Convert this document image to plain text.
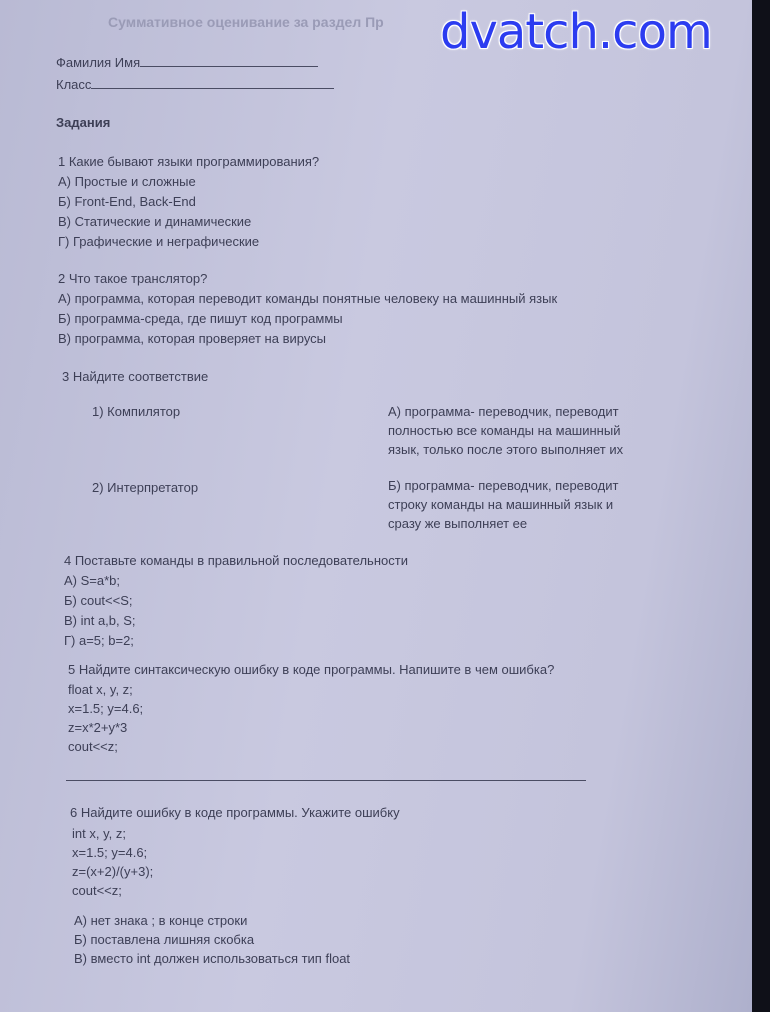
Суммативное оценивание за раздел Пр
Фамилия Имя
Класс
Задания
1 Какие бывают языки программирования?
А) Простые и сложные
Б) Front-End, Back-End
В) Статические и динамические
Г) Графические и неграфические
2 Что такое транслятор?
А) программа, которая переводит команды понятные человеку на машинный язык
Б) программа-среда, где пишут код программы
В) программа, которая проверяет на вирусы
3 Найдите соответствие
1) Компилятор	А) программа- переводчик, переводит
полностью все команды на машинный
язык, только после этого выполняет их
2) Интерпретатор	Б) программа- переводчик, переводит
строку команды на машинный язык и
сразу же выполняет ее
4 Поставьте команды в правильной последовательности
А) S=a*b;
Б) cout<<S;
В) int a,b, S;
Г) a=5; b=2;
5 Найдите синтаксическую ошибку в коде программы. Напишите в чем ошибка?
float x, y, z;
x=1.5; y=4.6;
z=x*2+y*3
cout<<z;
6 Найдите ошибку в коде программы. Укажите ошибку
int x, y, z;
x=1.5; y=4.6;
z=(x+2)/(y+3);
cout<<z;
А) нет знака ; в конце строки
Б) поставлена лишняя скобка
В) вместо int должен использоваться тип float
dvatch.com
